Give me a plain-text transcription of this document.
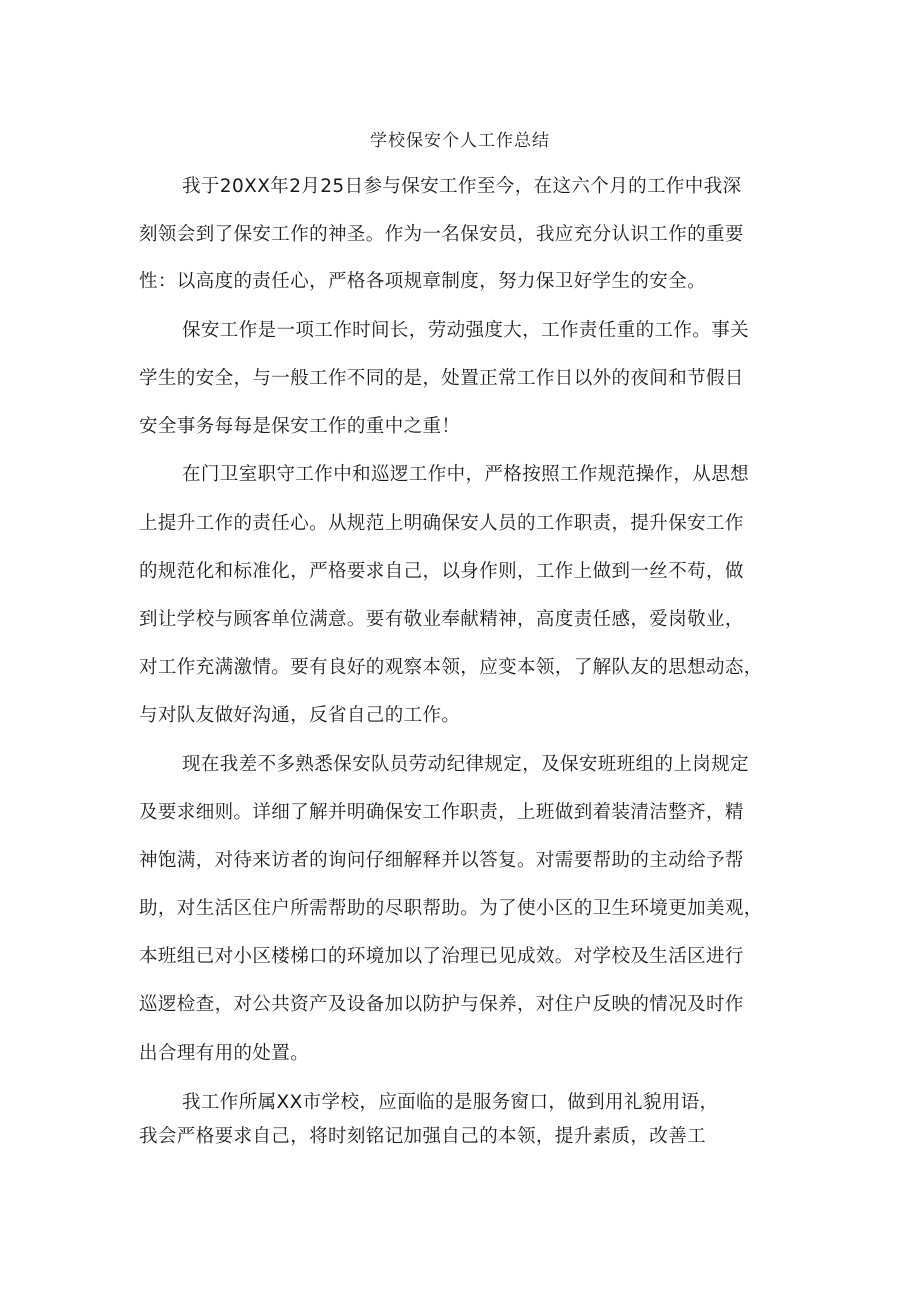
学校保安个人工作总结
我于20XX年2月25日参与保安工作至今，在这六个月的工作中我深
刻领会到了保安工作的神圣。作为一名保安员，我应充分认识工作的重要
性：以高度的责任心，严格各项规章制度，努力保卫好学生的安全。
保安工作是一项工作时间长，劳动强度大，工作责任重的工作。事关
学生的安全，与一般工作不同的是，处置正常工作日以外的夜间和节假日
安全事务每每是保安工作的重中之重！
在门卫室职守工作中和巡逻工作中，严格按照工作规范操作，从思想
上提升工作的责任心。从规范上明确保安人员的工作职责，提升保安工作
的规范化和标准化，严格要求自己，以身作则，工作上做到一丝不苟，做
到让学校与顾客单位满意。要有敬业奉献精神，高度责任感，爱岗敬业，
对工作充满激情。要有良好的观察本领，应变本领，了解队友的思想动态，
与对队友做好沟通，反省自己的工作。
现在我差不多熟悉保安队员劳动纪律规定，及保安班班组的上岗规定
及要求细则。详细了解并明确保安工作职责，上班做到着装清洁整齐，精
神饱满，对待来访者的询问仔细解释并以答复。对需要帮助的主动给予帮
助，对生活区住户所需帮助的尽职帮助。为了使小区的卫生环境更加美观，
本班组已对小区楼梯口的环境加以了治理已见成效。对学校及生活区进行
巡逻检查，对公共资产及设备加以防护与保养，对住户反映的情况及时作
出合理有用的处置。
我工作所属XX市学校，应面临的是服务窗口，做到用礼貌用语，
我会严格要求自己，将时刻铭记加强自己的本领，提升素质，改善工
